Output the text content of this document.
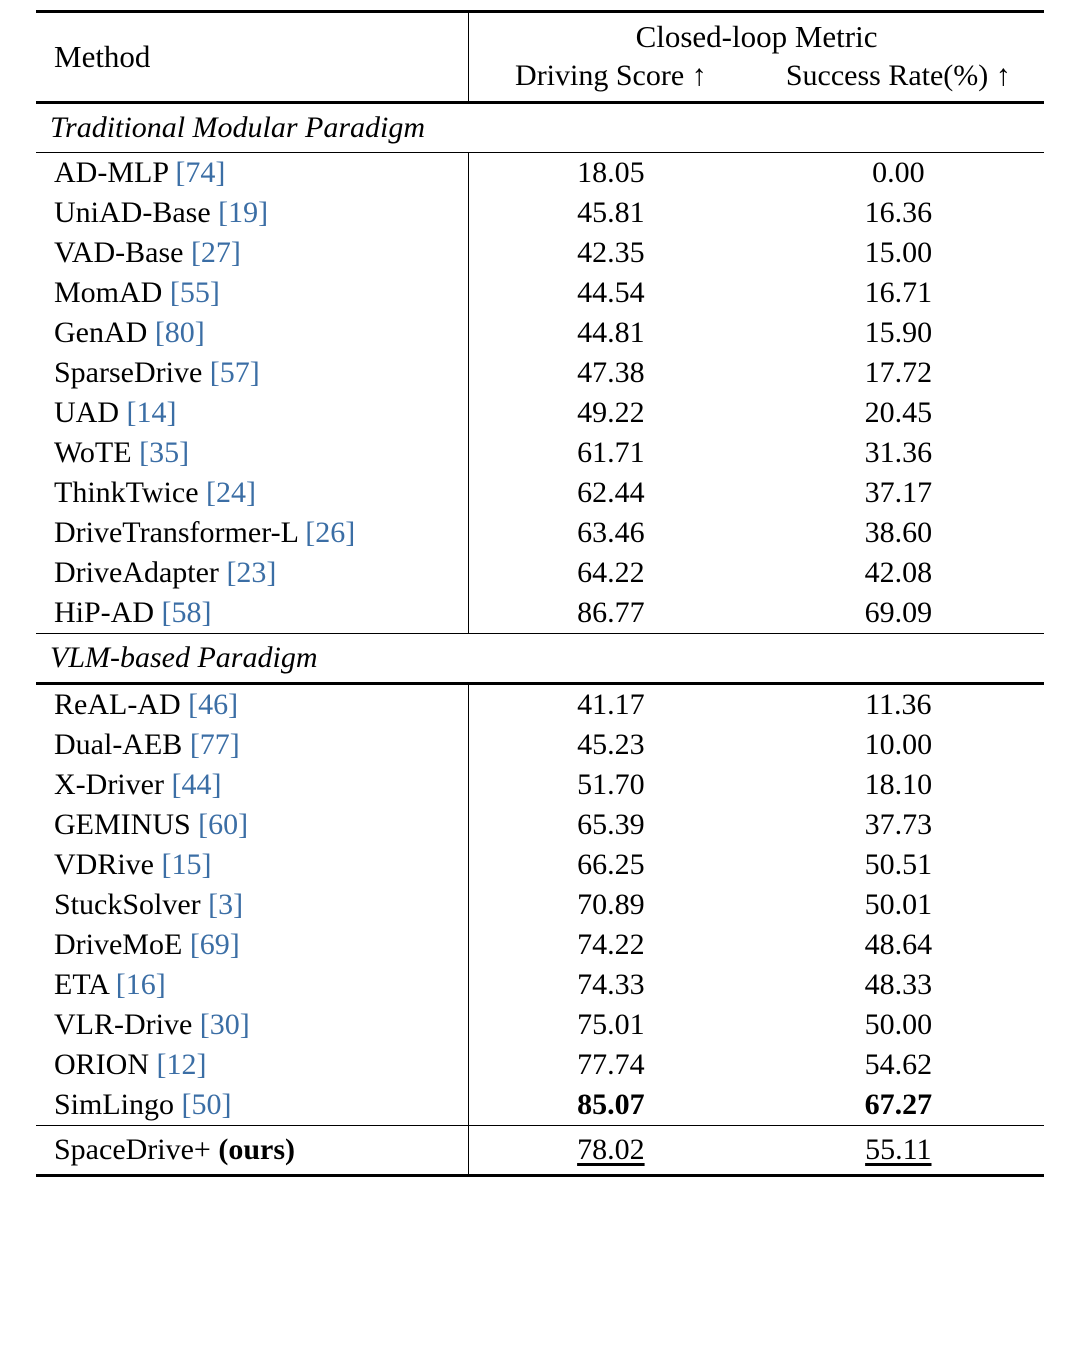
Method		Closed-loop Metric	
		Driving Score ↑	Success Rate(%) ↑

Traditional Modular Paradigm			

AD-MLP [74]		18.05	0.00
UniAD-Base [19]		45.81	16.36
VAD-Base [27]		42.35	15.00
MomAD [55]		44.54	16.71
GenAD [80]		44.81	15.90
SparseDrive [57]		47.38	17.72
UAD [14]		49.22	20.45
WoTE [35]		61.71	31.36
ThinkTwice [24]		62.44	37.17
DriveTransformer-L [26]		63.46	38.60
DriveAdapter [23]		64.22	42.08
HiP-AD [58]		86.77	69.09

VLM-based Paradigm			

ReAL-AD [46]		41.17	11.36
Dual-AEB [77]		45.23	10.00
X-Driver [44]		51.70	18.10
GEMINUS [60]		65.39	37.73
VDRive [15]		66.25	50.51
StuckSolver [3]		70.89	50.01
DriveMoE [69]		74.22	48.64
ETA [16]		74.33	48.33
VLR-Drive [30]		75.01	50.00
ORION [12]		77.74	54.62
SimLingo [50]		85.07	67.27

SpaceDrive+ (ours)		78.02	55.11
